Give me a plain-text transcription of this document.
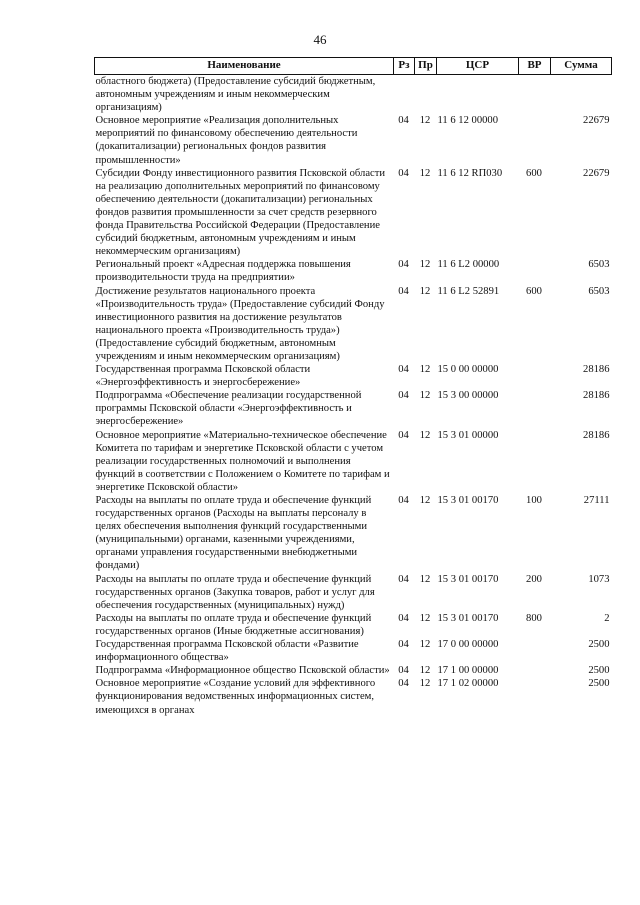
46
Наименование	Рз	Пр	ЦСР	ВР	Сумма
областного бюджета) (Предоставление субсидий бюджетным, автономным учреждениям и иным некоммерческим организациям)					
Основное мероприятие «Реализация дополнительных мероприятий по финансовому обеспечению деятельности (докапитализации) региональных фондов развития промышленности»	04	12	11 6 12 00000		22679
Субсидии Фонду инвестиционного развития Псковской области на реализацию дополнительных мероприятий по финансовому обеспечению деятельности (докапитализации) региональных фондов развития промышленности за счет средств резервного фонда Правительства Российской Федерации (Предоставление субсидий бюджетным, автономным учреждениям и иным некоммерческим организациям)	04	12	11 6 12 RП030	600	22679
Региональный проект «Адресная поддержка повышения производительности труда на предприятии»	04	12	11 6 L2 00000		6503
Достижение результатов национального проекта «Производительность труда» (Предоставление субсидий Фонду инвестиционного развития на достижение результатов национального проекта «Производительность труда») (Предоставление субсидий бюджетным, автономным учреждениям и иным некоммерческим организациям)	04	12	11 6 L2 52891	600	6503
Государственная программа Псковской области «Энергоэффективность и энергосбережение»	04	12	15 0 00 00000		28186
Подпрограмма «Обеспечение реализации государственной программы Псковской области «Энергоэффективность и энергосбережение»	04	12	15 3 00 00000		28186
Основное мероприятие «Материально-техническое обеспечение Комитета по тарифам и энергетике Псковской области с учетом реализации государственных полномочий и выполнения функций в соответствии с Положением о Комитете по тарифам и энергетике Псковской области»	04	12	15 3 01 00000		28186
Расходы на выплаты по оплате труда и обеспечение функций государственных органов (Расходы на выплаты персоналу в целях обеспечения выполнения функций государственными (муниципальными) органами, казенными учреждениями, органами управления государственными внебюджетными фондами)	04	12	15 3 01 00170	100	27111
Расходы на выплаты по оплате труда и обеспечение функций государственных органов (Закупка товаров, работ и услуг для обеспечения государственных (муниципальных) нужд)	04	12	15 3 01 00170	200	1073
Расходы на выплаты по оплате труда и обеспечение функций государственных органов (Иные бюджетные ассигнования)	04	12	15 3 01 00170	800	2
Государственная программа Псковской области «Развитие информационного общества»	04	12	17 0 00 00000		2500
Подпрограмма «Информационное общество Псковской области»	04	12	17 1 00 00000		2500
Основное мероприятие «Создание условий для эффективного функционирования ведомственных информационных систем, имеющихся в органах	04	12	17 1 02 00000		2500
